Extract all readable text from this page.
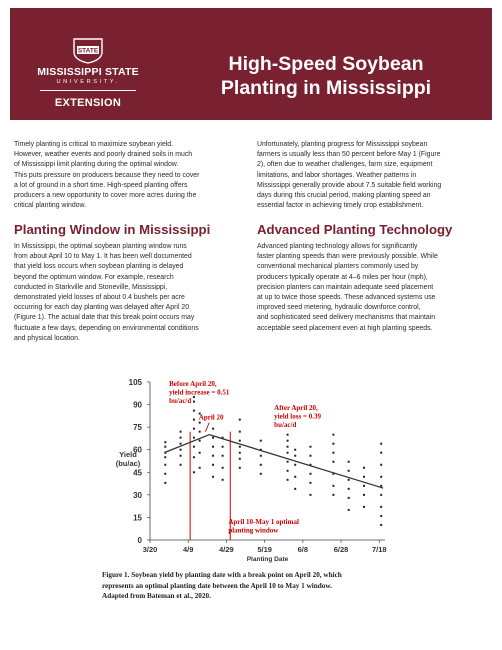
STATE
MISSISSIPPI STATE
UNIVERSITY.
EXTENSION
High-Speed Soybean
Planting in Mississippi

Timely planting is critical to maximize soybean yield.

However, weather events and poorly drained soils in much

of Mississippi limit planting during the optimal window.

This puts pressure on producers because they need to cover

a lot of ground in a short time. High-speed planting offers

producers a new opportunity to cover more acres during the

critical planting window.

Unfortunately, planting progress for Mississippi soybean

farmers is usually less than 50 percent before May 1 (Figure

2), often due to weather challenges, farm size, equipment

limitations, and labor shortages. Weather patterns in

Mississippi generally provide about 7.5 suitable field working

days during this crucial period, making planting speed an

essential factor in achieving timely crop establishment.

Planting Window in Mississippi	Advanced Planting Technology

In Mississippi, the optimal soybean planting window runs

from about April 10 to May 1. It has been well documented

that yield loss occurs when soybean planting is delayed

beyond the optimum window. For example, research

conducted in Starkville and Stoneville, Mississippi,

demonstrated yield losses of about 0.4 bushels per acre

occurring for each day planting was delayed after April 20

(Figure 1). The actual date that this break point occurs may

fluctuate a few days, depending on environmental conditions

and physical location.

Advanced planting technology allows for significantly

faster planting speeds than were previously possible. While

conventional mechanical planters commonly used by

producers typically operate at 4–6 miles per hour (mph),

precision planters can maintain adequate seed placement

at up to twice those speeds. These advanced systems use

improved seed metering, hydraulic downforce control,

and sophisticated seed delivery mechanisms that maintain

acceptable seed placement even at high planting speeds.

0
15
30
45
60
75
90
105
3/20	4/9	4/29	5/19	6/8	6/28	7/18
Yield
(bu/ac)
Planting Date
Before April 20,
yield increase = 0.51
bu/ac/d
April 20
After April 20,
yield loss = 0.39
bu/ac/d
April 10-May 1 optimal
planting window

Figure 1. Soybean yield by planting date with a break point on April 20, which

represents an optimal planting date between the April 10 to May 1 window.

Adapted from Bateman et al., 2020.
